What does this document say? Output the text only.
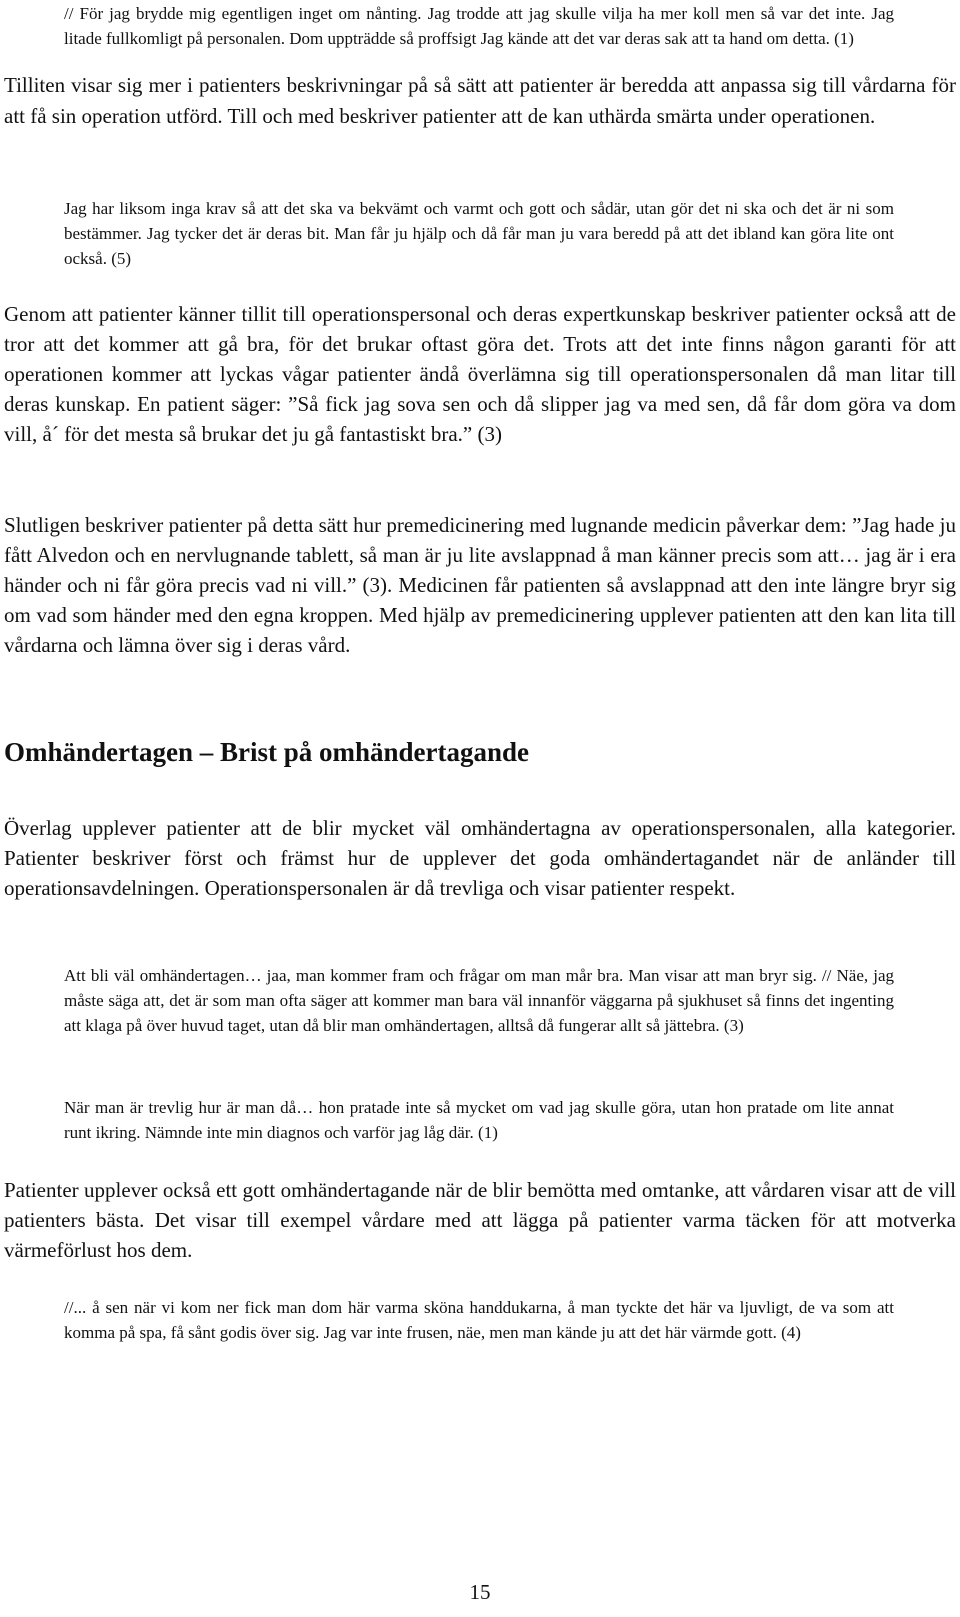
// För jag brydde mig egentligen inget om nånting. Jag trodde att jag skulle vilja ha mer koll men så var det inte. Jag litade fullkomligt på personalen. Dom uppträdde så proffsigt Jag kände att det var deras sak att ta hand om detta. (1)

Tilliten visar sig mer i patienters beskrivningar på så sätt att patienter är beredda att anpassa sig till vårdarna för att få sin operation utförd. Till och med beskriver patienter att de kan uthärda smärta under operationen.

Jag har liksom inga krav så att det ska va bekvämt och varmt och gott och sådär, utan gör det ni ska och det är ni som bestämmer. Jag tycker det är deras bit. Man får ju hjälp och då får man ju vara beredd på att det ibland kan göra lite ont också. (5)

Genom att patienter känner tillit till operationspersonal och deras expertkunskap beskriver patienter också att de tror att det kommer att gå bra, för det brukar oftast göra det. Trots att det inte finns någon garanti för att operationen kommer att lyckas vågar patienter ändå överlämna sig till operationspersonalen då man litar till deras kunskap. En patient säger: ”Så fick jag sova sen och då slipper jag va med sen, då får dom göra va dom vill, å´ för det mesta så brukar det ju gå fantastiskt bra.” (3)

Slutligen beskriver patienter på detta sätt hur premedicinering med lugnande medicin påverkar dem: ”Jag hade ju fått Alvedon och en nervlugnande tablett, så man är ju lite avslappnad å man känner precis som att… jag är i era händer och ni får göra precis vad ni vill.” (3). Medicinen får patienten så avslappnad att den inte längre bryr sig om vad som händer med den egna kroppen. Med hjälp av premedicinering upplever patienten att den kan lita till vårdarna och lämna över sig i deras vård.

Omhändertagen – Brist på omhändertagande

Överlag upplever patienter att de blir mycket väl omhändertagna av operationspersonalen, alla kategorier. Patienter beskriver först och främst hur de upplever det goda omhändertagandet när de anländer till operationsavdelningen. Operationspersonalen är då trevliga och visar patienter respekt.

Att bli väl omhändertagen… jaa, man kommer fram och frågar om man mår bra. Man visar att man bryr sig. // Näe, jag måste säga att, det är som man ofta säger att kommer man bara väl innanför väggarna på sjukhuset så finns det ingenting att klaga på över huvud taget, utan då blir man omhändertagen, alltså då fungerar allt så jättebra. (3)

När man är trevlig hur är man då… hon pratade inte så mycket om vad jag skulle göra, utan hon pratade om lite annat runt ikring. Nämnde inte min diagnos och varför jag låg där. (1)

Patienter upplever också ett gott omhändertagande när de blir bemötta med omtanke, att vårdaren visar att de vill patienters bästa. Det visar till exempel vårdare med att lägga på patienter varma täcken för att motverka värmeförlust hos dem.

//... å sen när vi kom ner fick man dom här varma sköna handdukarna, å man tyckte det här va ljuvligt, de va som att komma på spa, få sånt godis över sig. Jag var inte frusen, näe, men man kände ju att det här värmde gott. (4)

15
